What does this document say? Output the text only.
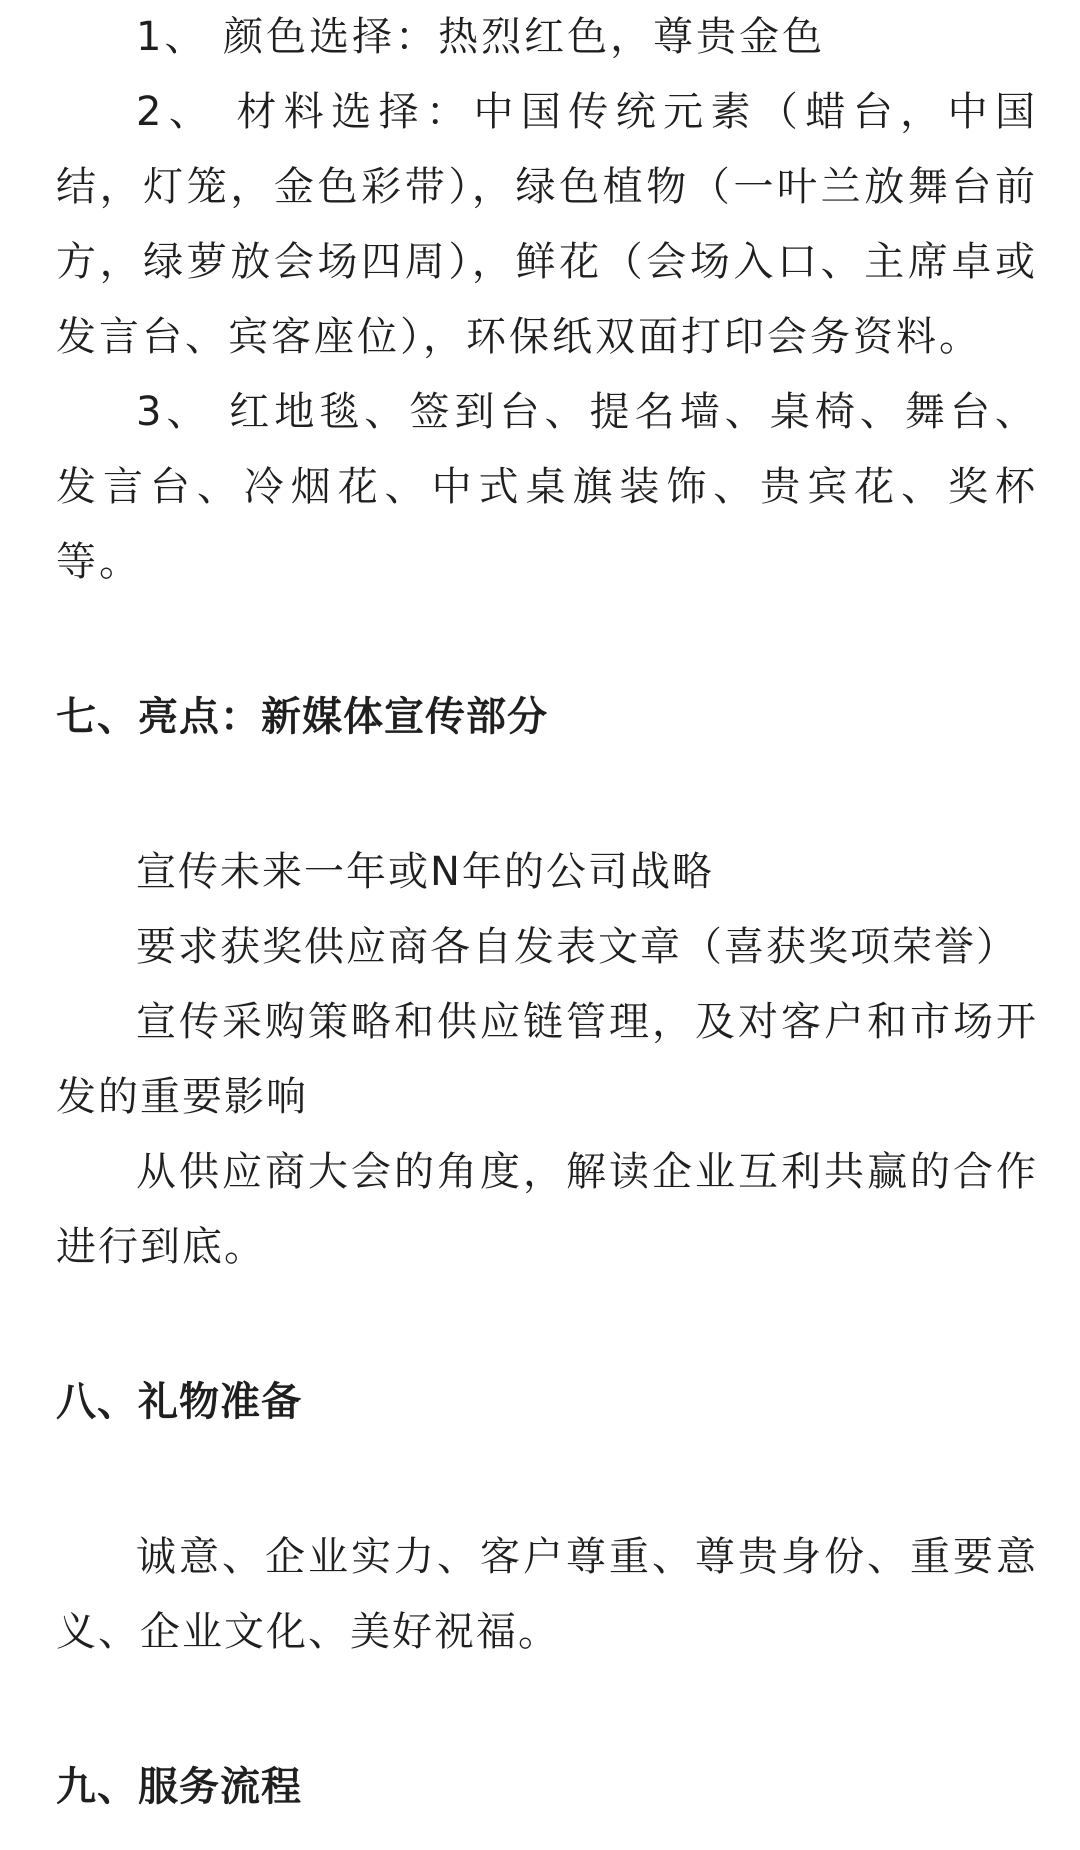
1、 颜色选择：热烈红色，尊贵金色

2、 材料选择：中国传统元素（蜡台，中国结，灯笼，金色彩带），绿色植物（一叶兰放舞台前方，绿萝放会场四周），鲜花（会场入口、主席卓或发言台、宾客座位），环保纸双面打印会务资料。

3、 红地毯、签到台、提名墙、桌椅、舞台、发言台、冷烟花、中式桌旗装饰、贵宾花、奖杯等。

七、亮点：新媒体宣传部分

宣传未来一年或N年的公司战略

要求获奖供应商各自发表文章（喜获奖项荣誉）

宣传采购策略和供应链管理，及对客户和市场开发的重要影响

从供应商大会的角度，解读企业互利共赢的合作进行到底。

八、礼物准备

诚意、企业实力、客户尊重、尊贵身份、重要意义、企业文化、美好祝福。

九、服务流程
